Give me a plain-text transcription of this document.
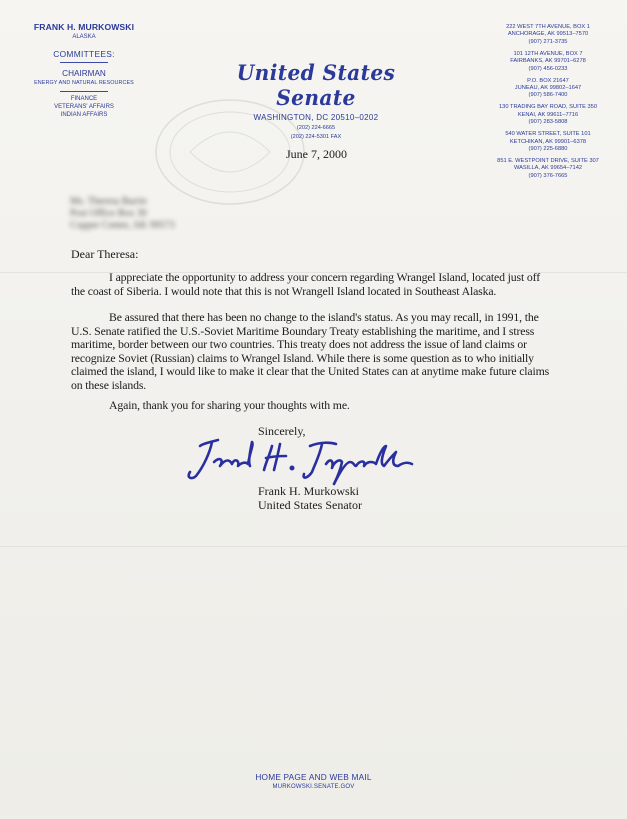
FRANK H. MURKOWSKI
ALASKA
COMMITTEES:
CHAIRMAN
ENERGY AND NATURAL RESOURCES
FINANCE
VETERANS' AFFAIRS
INDIAN AFFAIRS
United States Senate
WASHINGTON, DC 20510–0202
(202) 224-6665
(202) 224-5301 FAX
222 WEST 7TH AVENUE, BOX 1
ANCHORAGE, AK 99513–7570
(907) 271-3735
101 12TH AVENUE, BOX 7
FAIRBANKS, AK 99701–6278
(907) 456-0233
P.O. BOX 21647
JUNEAU, AK 99802–1647
(907) 586-7400
130 TRADING BAY ROAD, SUITE 350
KENAI, AK 99611–7716
(907) 283-5808
540 WATER STREET, SUITE 101
KETCHIKAN, AK 99901–6378
(907) 225-6880
851 E. WESTPOINT DRIVE, SUITE 307
WASILLA, AK 99654–7142
(907) 376-7665
June 7, 2000
Ms. Theresa Barrie
Post Office Box 30
Copper Center, AK 99573
Dear Theresa:
I appreciate the opportunity to address your concern regarding Wrangel Island, located just off the coast of Siberia. I would note that this is not Wrangell Island located in Southeast Alaska.
Be assured that there has been no change to the island's status. As you may recall, in 1991, the U.S. Senate ratified the U.S.-Soviet Maritime Boundary Treaty establishing the maritime, and I stress maritime, border between our two countries. This treaty does not address the issue of land claims or recognize Soviet (Russian) claims to Wrangel Island. While there is some question as to who initially claimed the island, I would like to make it clear that the United States can at anytime make future claims on these islands.
Again, thank you for sharing your thoughts with me.
Sincerely,
Frank H. Murkowski
United States Senator
HOME PAGE AND WEB MAIL
MURKOWSKI.SENATE.GOV
